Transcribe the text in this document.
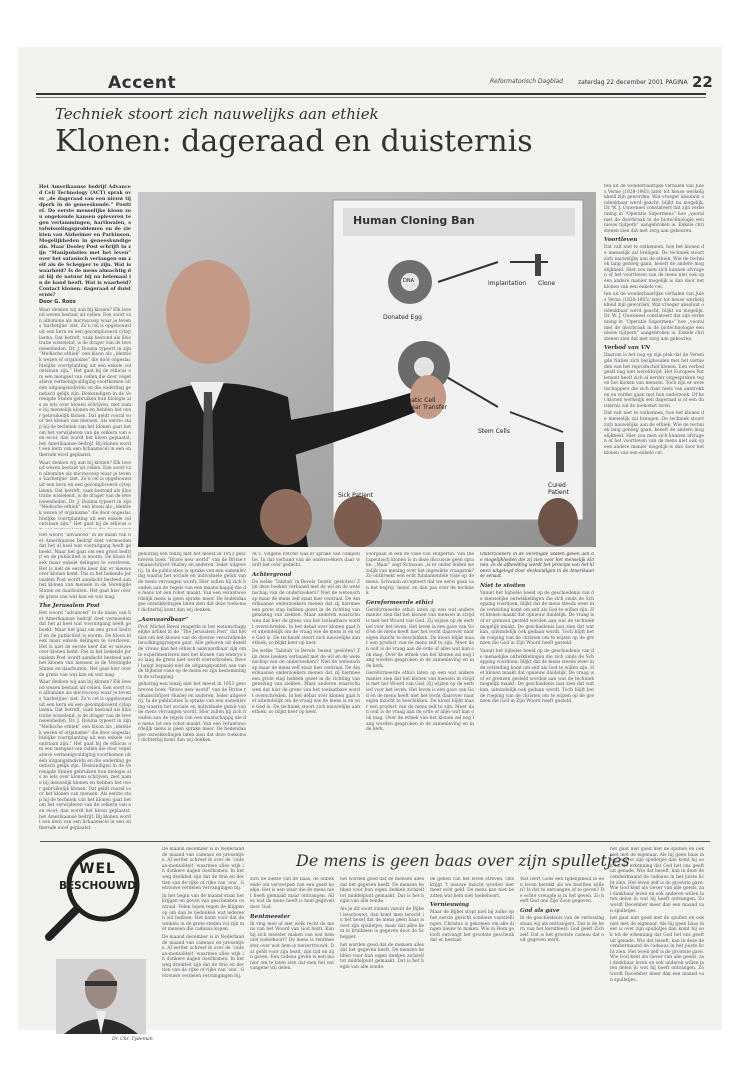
Accent	Reformatorisch Dagblad	zaterdag 22 december 2001 PAGINA 22
Techniek stoort zich nauwelijks aan ethiek
Klonen: dageraad en duisternis

Het Amerikaanse bedrijf Advanced Cell Technology (ACT) sprak over „de dageraad van een nieuw tijdperk in de geneeskunde.” Positief. De eerste menselijke kloon zou ongekende kansen opleveren tegen verlammingen, hartkwalen, stofwisselingsproblemen en de ziekten van Alzheimer en Parkinson. Mogelijkheden in geneeskundige zin. Maar Dooley Post schrijft in zijn “Manipulaties met het leven” over het satanisch verlangen om zelf als de Schepper te zijn. Wat is waarheid? Is de mens almachtig dat hij de natuur bij na helemaal in de hand heeft. Wat is waarheid? Contact klonen: dageraad of duisternis?

Door G. Roos

Waar denken wij aan bij klonen? Elk levend wezen bestaat uit cellen. Een soort van albumine als microscoop waar je tevens ‘karbetijne’ ziet. Zo’n cel is opgebouwd uit een kern en een gecompliceerd cytoplasma. Dat betreft, vaak bestond als illustratie wisselend, is de drager van de levenseenheden. Dr. J. Douma typeert in zijn “Medische ethiek” een kloon als „identiek wezen of organisme” die door ongeslachtelijke voortplanting uit een enkele cel ontstaan zijn.” Het gaat bij de ethicus om een mengsel van cellen die door vegetatieve vermenigvuldiging voortkomen uit één uitgangsindividu en die onderling genetisch gelijk zijn. Deskundigen in de Verenigde Staten gebruiken hun biologie als ze iets over klonen schrijven, met name bij menselijk klonen en hebben het over gebruikelijk klonen. Dat geldt vooral voor het klonen van mensen. Als eerste stap bij de techniek van het klonen gaat het om het verwijderen van de celkern van een eicel; dan wordt het kloon geplaatst, het Amerikaanse bedrijf. Bij klonen wordt een kern van een lichaamscel in een ontkernde eicel geplaatst.

Waar denken wij aan bij klonen? Elk levend wezen bestaat uit cellen. Een soort van albumine als microscoop waar je tevens ‘karbetijne’ ziet. Zo’n cel is opgebouwd uit een kern en een gecompliceerd cytoplasma. Dat betreft, vaak bestond als illustratie wisselend, is de drager van de levenseenheden. Dr. J. Douma typeert in zijn “Medische ethiek” een kloon als „identiek wezen of organisme” die door ongeslachtelijke voortplanting uit een enkele cel ontstaan zijn.” Het gaat bij de ethicus o

Het woord “advanced” in de naam van het Amerikaanse bedrijf doet vermoeden dat het al heel wat vooruitgang heeft geboekt. Maar het gaat om een groot bedrijf en de publiciteit is enorm. De kloon bleek maar enkele delingen te overleven. Het is niet de eerste keer dat er nieuws over klonen komt. Pas in het bekende Jerusalem Post wordt aandacht besteed aan het klonen van mensen in de Verenigde Staten en daarbuiten. Het gaat hier over de grens van wat kan en wat mag.

The Jerusalem Post

Het woord “advanced” in de naam van het Amerikaanse bedrijf doet vermoeden dat het al heel wat vooruitgang heeft geboekt. Maar het gaat om een groot bedrijf en de publiciteit is enorm. De kloon bleek maar enkele delingen te overleven. Het is niet de eerste keer dat er nieuws over klonen komt. Pas in het bekende Jerusalem Post wordt aandacht besteed aan het klonen van mensen in de Verenigde Staten en daarbuiten. Het gaat hier over de grens van wat kan en wat mag.

Waar denken wij aan bij klonen? Elk levend wezen bestaat uit cellen. Een soort van albumine als microscoop waar je tevens ‘karbetijne’ ziet. Zo’n cel is opgebouwd uit een kern en een gecompliceerd cytoplasma. Dat betreft, vaak bestond als illustratie wisselend, is de drager van de levenseenheden. Dr. J. Douma typeert in zijn “Medische ethiek” een kloon als „identiek wezen of organisme” die door ongeslachtelijke voortplanting uit een enkele cel ontstaan zijn.” Het gaat bij de ethicus om een mengsel van cellen die door vegetatieve vermenigvuldiging voortkomen uit één uitgangsindividu en die onderling genetisch gelijk zijn. Deskundigen in de Verenigde Staten gebruiken hun biologie als ze iets over klonen schrijven, met name bij menselijk klonen en hebben het over gebruikelijk klonen. Dat geldt vooral voor het klonen van mensen. Als eerste stap bij de techniek van het klonen gaat het om het verwijderen van de celkern van een eicel; dan wordt het kloon geplaatst, het Amerikaanse bedrijf. Bij klonen wordt een kern van een lichaamscel in een ontkernde eicel geplaatst.

Human Cloning Ban
Donated Egg
DNA
Somatic Cell Nuclear Transfer
Implantation Clone
Stem Cells
Cured Patient
Sick Patient

ten uit de wonderbaarlijke verhalen van Jules Verne (1828-1905) later tot heuse werkelijkheid zijn geworden. Wat vroeger absoluut ondenkbaar werd geacht, blijkt nu mogelijk. Dr. W. J. Ouweneel constateert dat zijn verkenning in “Operatie Supermens” hoe „vooral met de doorbraak in de biotechnologie een nieuw tijdperk” aangebroken is. Enkele christenen zien dat met zorg aan gebeuren.

Voortleven

Dat valt niet te ontkennen, hoe het klonen de menselijk zal brengen. De techniek stoort zich nauwelijks aan de ethiek. Wie de techniek lang genoeg gaan, beseft de andere mogelijkheid. Hier zou men zich kunnen afvragen of het voortleven van de mens niet ook op een andere manier mogelijk is dan door het klonen van een enkele cel.

ten uit de wonderbaarlijke verhalen van Jules Verne (1828-1905) later tot heuse werkelijkheid zijn geworden. Wat vroeger absoluut ondenkbaar werd geacht, blijkt nu mogelijk. Dr. W. J. Ouweneel constateert dat zijn verkenning in “Operatie Supermens” hoe „vooral met de doorbraak in de biotechnologie een nieuw tijdperk” aangebroken is. Enkele christenen zien dat met zorg aan gebeuren.

Verbod van VN

Daarom is het nog op zijn plek dat de Verenigde Naties zich bezighouden met het verbieden van het reproductief klonen. Een verbod geldt nog niet wereldwijd. Het Europees Parlement heeft zich al eerder uitgesproken tegen het klonen van mensen. Toch zijn er wetenschappers die zich daar niets van aantrekken en verder gaan met hun onderzoek. Of het klonen werkelijk een dageraad is of een duisternis zal de toekomst leren.

Dat valt niet te ontkennen, hoe het klonen de menselijk zal brengen. De techniek stoort zich nauwelijks aan de ethiek. Wie de techniek lang genoeg gaan, beseft de andere mogelijkheid. Hier zou men zich kunnen afvragen of het voortleven van de mens niet ook op een andere manier mogelijk is dan door het klonen van een enkele cel.

gehoring een tenzij niet het meest in 1953 geschreven boek “Brave new world” van de Britse romanschrijver Huxley en anderen. Ieder uitgeverij. In de publicaties is sprake van een samenleving waarin het sociale en individuele geluk van de mens vervangen wordt. Hier zullen hij zich houden aan de regels van een maatschappij die de mens tot een robot maakt. Van een verantwoordelijk mens is geen sprake meer. De hedendaagse ontwikkelingen laten zien dat deze toekomst dichterbij komt dan wij denken.

„Aanvaardbaar”

Prof. Michel Revel reagerde in het wetenschappelijke artikel in de “The Jerusalem Post” dat het niet om het klonen van de diverse verschillende bevolkingsgroepen gaat. Alle geboren uit dezelfde vrouw kan het ethisch aanvaardbaar zijn om te experimenteren met het klonen van embryo’s zo lang de grens niet wordt overschreden. Revel hangt bepaald niet de uitgangspunten aan van de Bijbelse visie op de mens en zijn bestemming in de schepping.

gehoring een tenzij niet het meest in 1953 geschreven boek “Brave new world” van de Britse romanschrijver Huxley en anderen. Ieder uitgeverij. In de publicaties is sprake van een samenleving waarin het sociale en individuele geluk van de mens vervangen wordt. Hier zullen hij zich houden aan de regels van een maatschappij die de mens tot een robot maakt. Van een verantwoordelijk mens is geen sprake meer. De hedendaagse ontwikkelingen laten zien dat deze toekomst dichterbij komt dan wij denken.

ACT. Volgens Fetchit was er sprake van competitie. In dat verband van de onderzoekers daar wordt het over gedacht.

Achtergrond

De welke ‘Tabitah’ in Bevels ‘bezen’ gesloten? Zijn deze boeken verbaasd met de wil en de wetenschap van de onderzoekers? Niet de wetenschap maar de mens zelf staat hier centraal. De Amerikaanse onderzoekers menen dat zij hiermee een grote stap hebben gezet in de richting van genezing van ziekten. Maar anderen waarschuwen dat hier de grens van het toelaatbare wordt overschreden. In het debat over klonen gaat het uiteindelijk om de vraag wie de mens is en wie God is. De techniek stoort zich nauwelijks aan ethiek, zo blijkt keer op keer.

De welke ‘Tabitah’ in Bevels ‘bezen’ gesloten? Zijn deze boeken verbaasd met de wil en de wetenschap van de onderzoekers? Niet de wetenschap maar de mens zelf staat hier centraal. De Amerikaanse onderzoekers menen dat zij hiermee een grote stap hebben gezet in de richting van genezing van ziekten. Maar anderen waarschuwen dat hier de grens van het toelaatbare wordt overschreden. In het debat over klonen gaat het uiteindelijk om de vraag wie de mens is en wie God is. De techniek stoort zich nauwelijks aan ethiek, zo blijkt keer op keer.

voorgaan in een de visie van Hülpertin. Van therapeutisch klonen is in deze discussie geen sprake. „Maar” zegt Schwaan „is er onder leiden wezelijk van mening over het ingewikte vraagstuk? Zo ontbreekt een echt fundamentele visie op de mens. Schwaan accepteert dat we eerst gaan van het begrip ‘mens’ en dan pas over de techniek.

Gereformeerde ethici

Gereformeerde ethici laten op een wat andere manier zien dat het klonen van mensen in strijd is met het Woord van God. Zij wijzen op de eerbied voor het leven. Het leven is een gave van God en de mens heeft niet het recht daarover naar eigen inzicht te beschikken. De kloon blijkt maar een product van de mens zelf te zijn. Meer dan ooit is de vraag aan de orde of alles wat kan ook mag. Over de ethiek van het klonen zal nog lang worden gesproken in de samenleving en in de kerk.

Gereformeerde ethici laten op een wat andere manier zien dat het klonen van mensen in strijd is met het Woord van God. Zij wijzen op de eerbied voor het leven. Het leven is een gave van God en de mens heeft niet het recht daarover naar eigen inzicht te beschikken. De kloon blijkt maar een product van de mens zelf te zijn. Meer dan ooit is de vraag aan de orde of alles wat kan ook mag. Over de ethiek van het klonen zal nog lang worden gesproken in de samenleving en in de kerk.

Onderzoekers in de Verenigde Staten gaven aan de mogelijkheden die zij zien voor het menselijk klonen. In de afbeelding wordt het principe van het klonen uitgelegd door deskundigen in de Amerikaanse senaat.

Niet te stoiten

Vanuit het bijbelse beeld op de geschiedenis van de menselijke ontwikkelingen die zich sinds de Schepping voordoen, blijkt dat de mens steeds weer in de verleiding komt om zelf als God te willen zijn. Het klonen maakt dat opnieuw duidelijk. De vraag is of er grenzen gesteld worden aan wat de techniek mogelijk maakt. De geschiedenis laat zien dat wat kan, uiteindelijk ook gedaan wordt. Toch blijft het de roeping van de christen om te wijzen op de grenzen die God in Zijn Woord heeft gesteld.

Vanuit het bijbelse beeld op de geschiedenis van de menselijke ontwikkelingen die zich sinds de Schepping voordoen, blijkt dat de mens steeds weer in de verleiding komt om zelf als God te willen zijn. Het klonen maakt dat opnieuw duidelijk. De vraag is of er grenzen gesteld worden aan wat de techniek mogelijk maakt. De geschiedenis laat zien dat wat kan, uiteindelijk ook gedaan wordt. Toch blijft het de roeping van de christen om te wijzen op de grenzen die God in Zijn Woord heeft gesteld.

WEL
BESCHOUWD
Dr. Chr. Tydeman
De mens is geen baas over zijn spulletjes

De maand december is in Nederland de maand van cadeaus en presentjes. Al eerder schreef ik over de ‘cadeau-mentaliteit’ waarmee alles wijk in donkere dagen doorkomen. In het weg dreikfeit zijn dat de drie en dertien van de rijke of rijke van ‘ons’. Getrouwe verdelen vervangingen bij.

In het begin van de maand staat het krijgen en geven van geschenken centraal. Velen lopen tegen de klippen op om dan te bedenken wat iedereen wil hebben. Het komt voor dat de winkels in de grote steden vol zijn met mensen die cadeaus kopen.

De maand december is in Nederland de maand van cadeaus en presentjes. Al eerder schreef ik over de ‘cadeau-mentaliteit’ waarmee alles wijk in donkere dagen doorkomen. In het weg dreikfeit zijn dat de drie en dertien van de rijke of rijke van ‘ons’. Getrouwe verdelen vervangingen bij.

zich de ziekte van de baas, de onbekende om verwerpen van een goed boekje. Het is een waar die de mens niet heeft gemaakt maar ontvangen. Alles wat de mens heeft is hem gegeven door God.

Rentmeester

Ik ving mee af met welk recht de mens van het Woord van God bezit. Kan hij zich meester maken van wat hem niet toebehoort? De mens is rentmeester over wat hem is toevertrouwd. Dat geldt voor zijn bezit, zijn tijd en zijn gaven. Een cadeau geven is een manier om te laten zien dat men het ontvangene wil delen.

het worden goed dat de mensen alles dat het gegeven heeft. De mensen hebben voor hun eigen denken zichzelf tot middelpunt gemaakt. Dat is het begin van alle zonde.

Als je dit soort zinnen vanuit de Bijbel beschouwt, dan komt men terecht in het besef dat de mens geen baas is over zijn spulletjes, maar dat alles hem in bruikleen is gegeven door de Schepper.

het worden goed dat de mensen alles dat het gegeven heeft. De mensen hebben voor hun eigen denken zichzelf tot middelpunt gemaakt. Dat is het begin van alle zonde.

de genen van het leven streven. Ons krijgt ’t nieuwe inzicht worden niet meer echt geld. De mens kan niet bezitten wat hem niet toebehoort.

Vernieuwing

Maar de Bijbel stopt niet bij zulke op het eerste gezicht sombere vaststellingen. Christus is gekomen om alle dingen nieuw te maken. Wie in Hem gelooft ontvangt het grootste geschenk dat er bestaat.

Wat leert Gods een tijdelijkheid in een leven bereikt als we bezitten willen? Is dat te ontvangen of te geven? De echte vreugde is in het geven. Zo heeft God ons Zijn Zoon gegeven.

God als gave

In de geschiedenis van de verlossing staan wij als ontvangers. Dat is de kern van het kerstfeest: God geeft Zichzelf. Dat is het grootste cadeau dat ooit gegeven werd.

het gaat niet goed met de spullen en ook niet met de eigenaar. Als hij geen baas meer is over zijn spulletjes dan komt hij ook tot de erkenning dat God het ons geeft uit genade. Wie dat beseft, kan in deze decembermaand de cadeaus in het juiste licht zien. Het leven zelf is de grootste gave. Wie God kent als Gever van alle goeds, zal dankbaar leven en ook anderen willen laten delen in wat hij heeft ontvangen. Zo wordt December meer dan een maand van spulletjes.

het gaat niet goed met de spullen en ook niet met de eigenaar. Als hij geen baas meer is over zijn spulletjes dan komt hij ook tot de erkenning dat God het ons geeft uit genade. Wie dat beseft, kan in deze decembermaand de cadeaus in het juiste licht zien. Het leven zelf is de grootste gave. Wie God kent als Gever van alle goeds, zal dankbaar leven en ook anderen willen laten delen in wat hij heeft ontvangen. Zo wordt December meer dan een maand van spulletjes.
